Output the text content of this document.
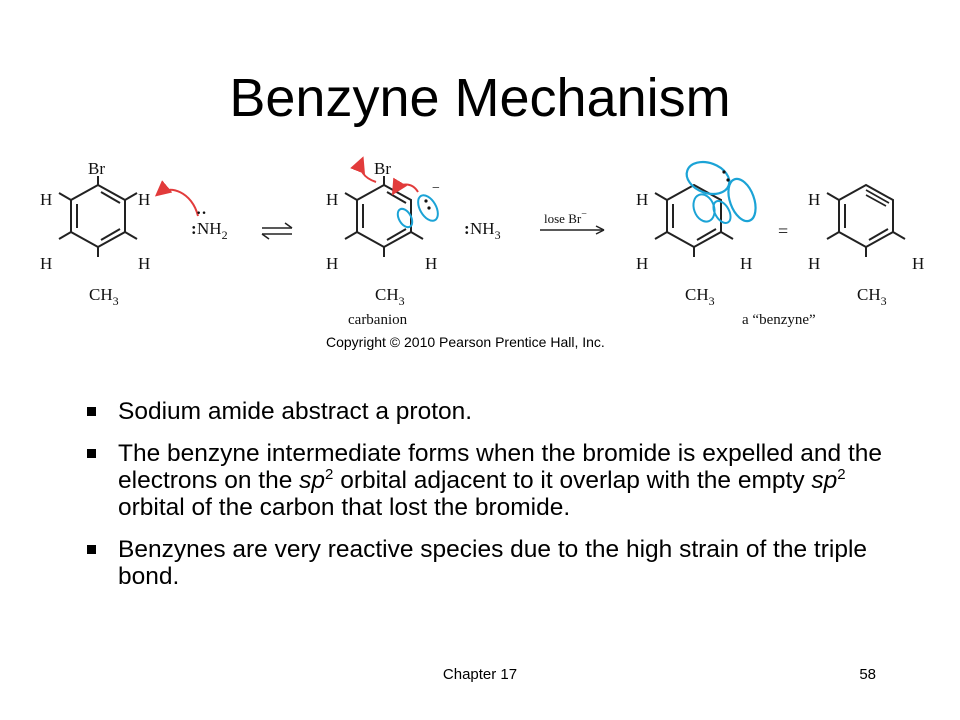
Benzyne Mechanism
Br
H
H
H
H
$CH_3$
:
··
$NH_2$
Br
H
H
H
$CH_3$
carbanion
−
: $NH_3$
lose Br−
H
H	H
$CH_3$
=
a “benzyne”
H
H	H
$CH_3$
Copyright © 2010 Pearson Prentice Hall, Inc.
Sodium amide abstract a proton.
The benzyne intermediate forms when the bromide is expelled and the electrons on the $sp^2$ orbital adjacent to it overlap with the empty $sp^2$ orbital of the carbon that lost the bromide.
Benzynes are very reactive species due to the high strain of the triple bond.
Chapter 17	58
